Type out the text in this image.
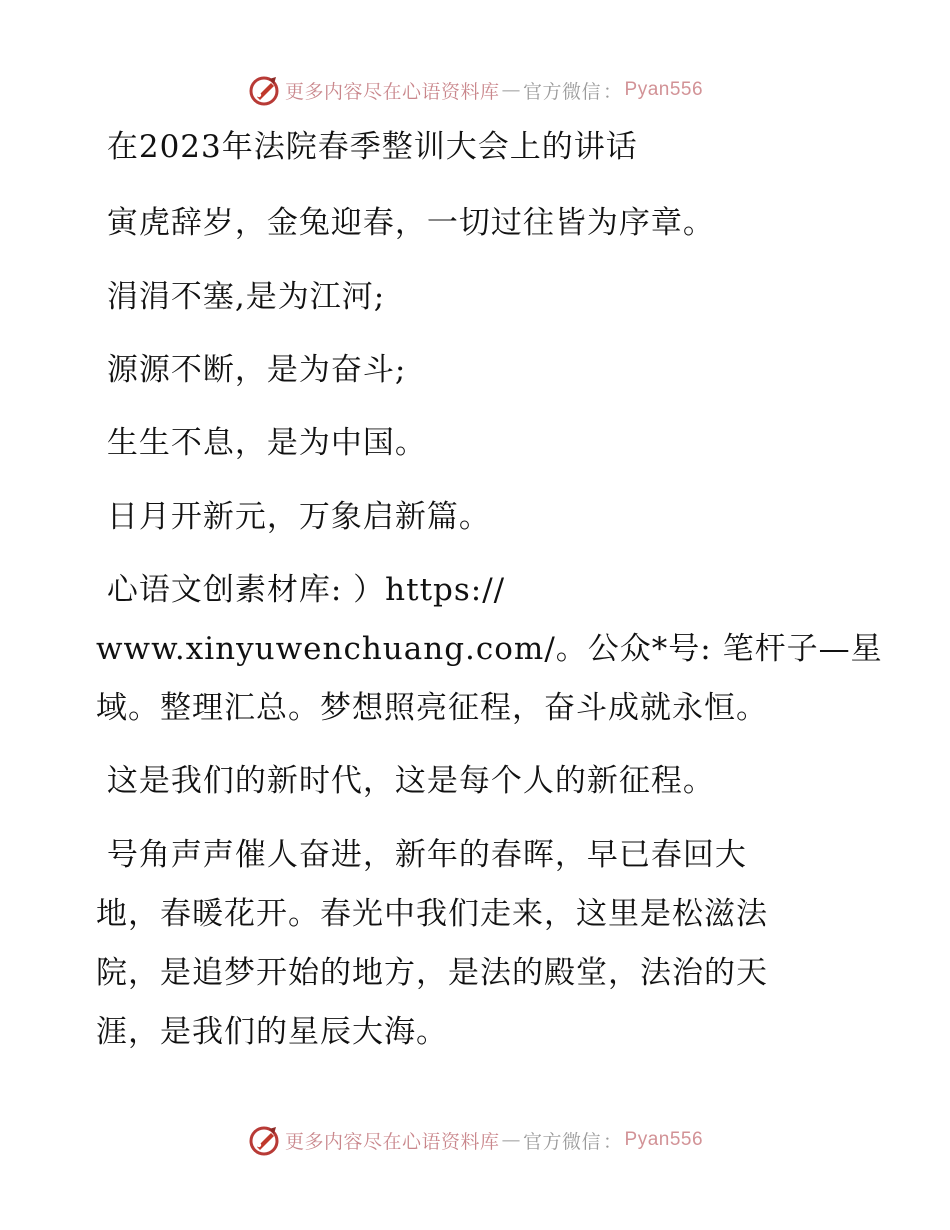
更多内容尽在心语资料库 — 官方微信 ： Pyan556
在2023年法院春季整训大会上的讲话
寅虎辞岁，金兔迎春，一切过往皆为序章。
涓涓不塞,是为江河;
源源不断，是为奋斗;
生生不息，是为中国。
日月开新元，万象启新篇。
心语文创素材库: ）https://
www.xinyuwenchuang.com/。公众*号: 笔杆子—星
域。整理汇总。梦想照亮征程，奋斗成就永恒。
这是我们的新时代，这是每个人的新征程。
号角声声催人奋进，新年的春晖，早已春回大
地，春暖花开。春光中我们走来，这里是松滋法
院，是追梦开始的地方，是法的殿堂，法治的天
涯，是我们的星辰大海。
更多内容尽在心语资料库 — 官方微信 ： Pyan556
